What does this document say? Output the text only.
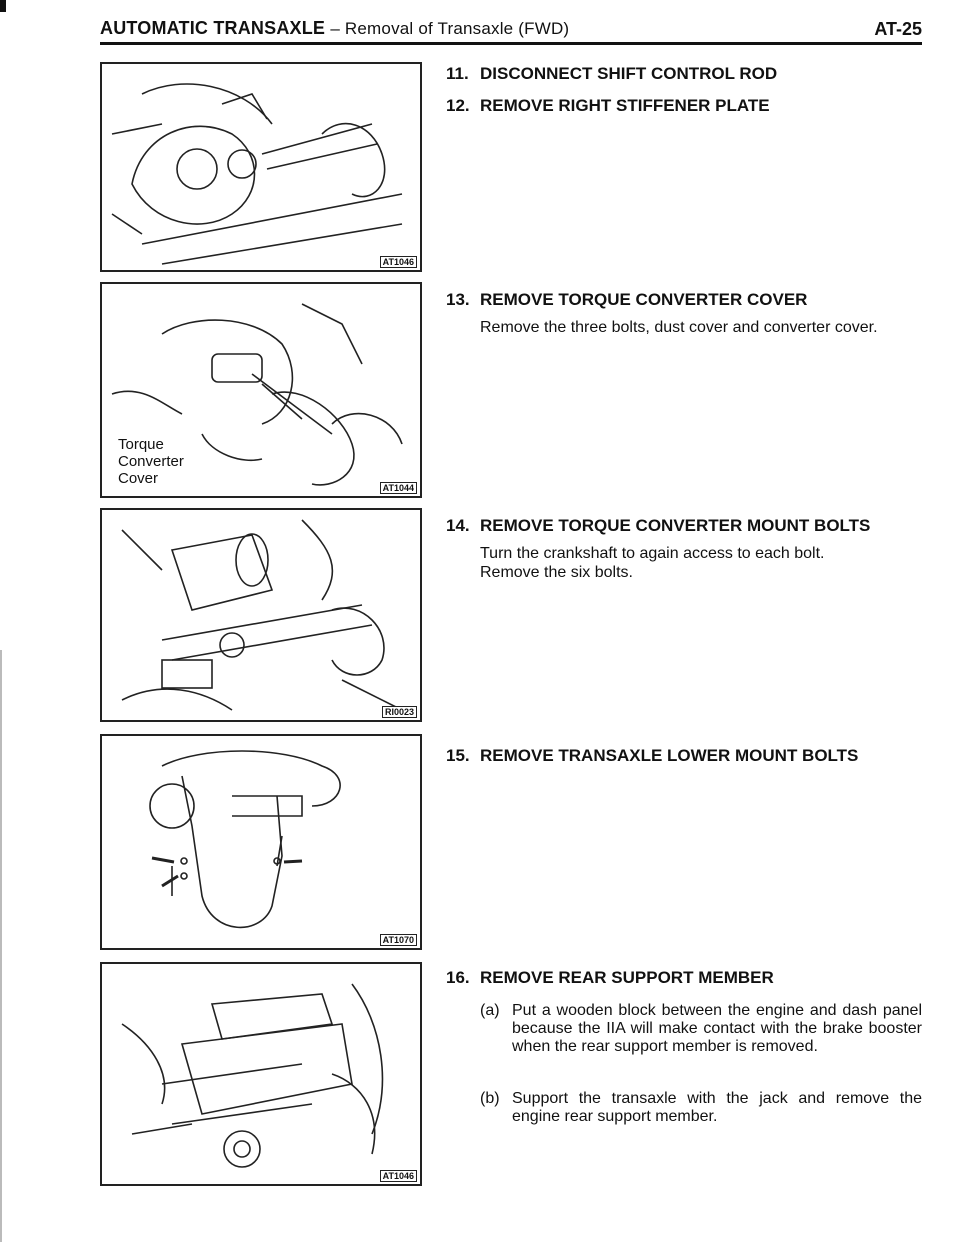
AUTOMATIC TRANSAXLE – Removal of Transaxle (FWD)	AT-25
AT1046
Torque
Converter
Cover
AT1044
RI0023
AT1070
AT1046
11. DISCONNECT SHIFT CONTROL ROD
12. REMOVE RIGHT STIFFENER PLATE
13. REMOVE TORQUE CONVERTER COVER
Remove the three bolts, dust cover and converter cover.
14. REMOVE TORQUE CONVERTER MOUNT BOLTS
Turn the crankshaft to again access to each bolt. Remove the six bolts.
15. REMOVE TRANSAXLE LOWER MOUNT BOLTS
16. REMOVE REAR SUPPORT MEMBER
(a) Put a wooden block between the engine and dash panel because the IIA will make contact with the brake booster when the rear support member is removed.
(b) Support the transaxle with the jack and remove the engine rear support member.
